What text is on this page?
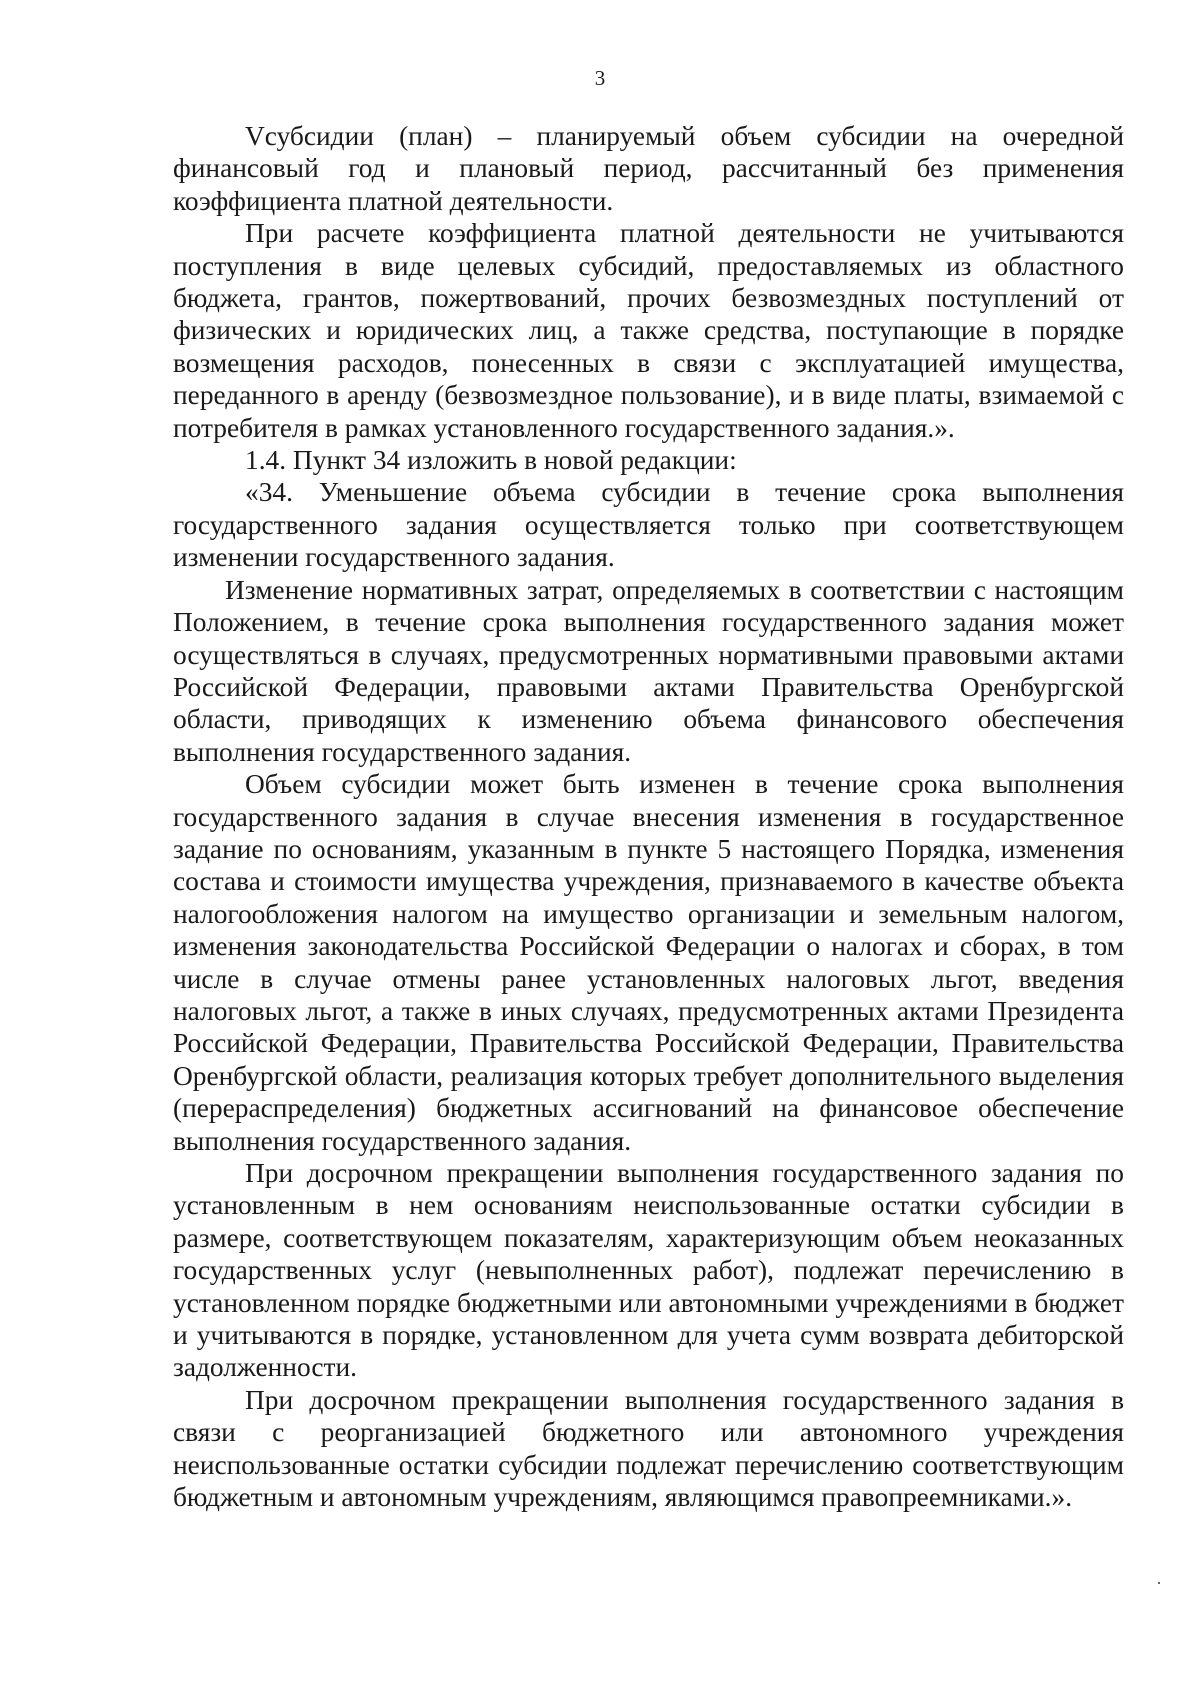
3

Vсубсидии (план) – планируемый объем субсидии на очередной финансовый год и плановый период, рассчитанный без применения коэффициента платной деятельности.

При расчете коэффициента платной деятельности не учитываются поступления в виде целевых субсидий, предоставляемых из областного бюджета, грантов, пожертвований, прочих безвозмездных поступлений от физических и юридических лиц, а также средства, поступающие в порядке возмещения расходов, понесенных в связи с эксплуатацией имущества, переданного в аренду (безвозмездное пользование), и в виде платы, взимаемой с потребителя в рамках установленного государственного задания.».

1.4. Пункт 34 изложить в новой редакции:

«34. Уменьшение объема субсидии в течение срока выполнения государственного задания осуществляется только при соответствующем изменении государственного задания.

Изменение нормативных затрат, определяемых в соответствии с настоящим Положением, в течение срока выполнения государственного задания может осуществляться в случаях, предусмотренных нормативными правовыми актами Российской Федерации, правовыми актами Правительства Оренбургской области, приводящих к изменению объема финансового обеспечения выполнения государственного задания.

Объем субсидии может быть изменен в течение срока выполнения государственного задания в случае внесения изменения в государственное задание по основаниям, указанным в пункте 5 настоящего Порядка, изменения состава и стоимости имущества учреждения, признаваемого в качестве объекта налогообложения налогом на имущество организации и земельным налогом, изменения законодательства Российской Федерации о налогах и сборах, в том числе в случае отмены ранее установленных налоговых льгот, введения налоговых льгот, а также в иных случаях, предусмотренных актами Президента Российской Федерации, Правительства Российской Федерации, Правительства Оренбургской области, реализация которых требует дополнительного выделения (перераспределения) бюджетных ассигнований на финансовое обеспечение выполнения государственного задания.

При досрочном прекращении выполнения государственного задания по установленным в нем основаниям неиспользованные остатки субсидии в размере, соответствующем показателям, характеризующим объем неоказанных государственных услуг (невыполненных работ), подлежат перечислению в установленном порядке бюджетными или автономными учреждениями в бюджет и учитываются в порядке, установленном для учета сумм возврата дебиторской задолженности.

При досрочном прекращении выполнения государственного задания в связи с реорганизацией бюджетного или автономного учреждения неиспользованные остатки субсидии подлежат перечислению соответствующим бюджетным и автономным учреждениям, являющимся правопреемниками.».
